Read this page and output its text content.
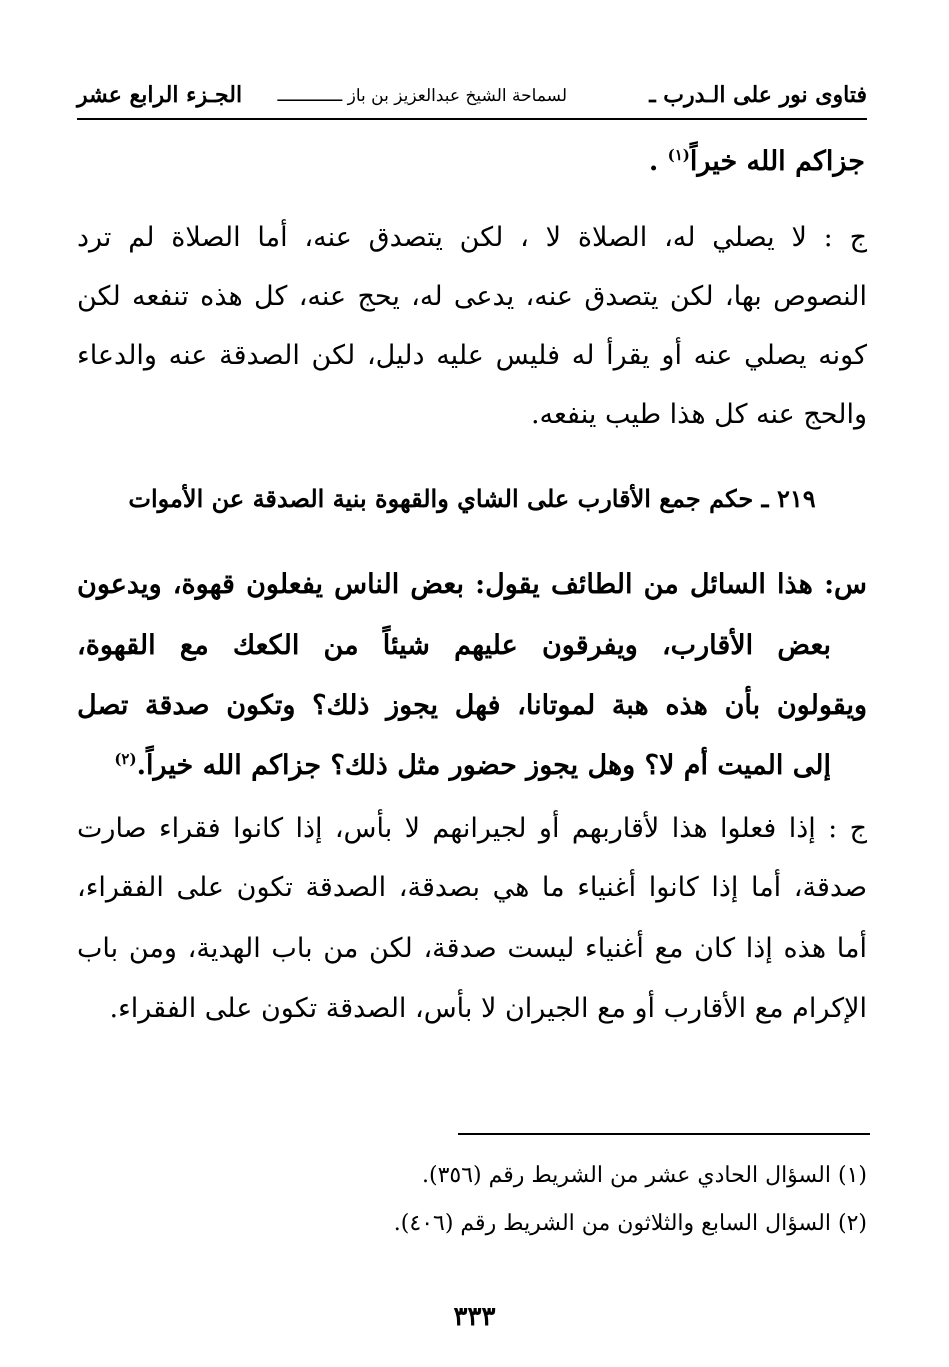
فتاوى نور على الـدرب ـ
لسماحة الشيخ عبدالعزيز بن باز ـــــــــــــ
الجـزء الرابع عشر
جزاكم الله خيراً$^{(١)}$ .
ج : لا يصلي له، الصلاة لا ، لكن يتصدق عنه، أما الصلاة لم ترد
النصوص بها، لكن يتصدق عنه، يدعى له، يحج عنه، كل هذه تنفعه لكن
كونه يصلي عنه أو يقرأ له فليس عليه دليل، لكن الصدقة عنه والدعاء
والحج عنه كل هذا طيب ينفعه.
٢١٩ ـ حكم جمع الأقارب على الشاي والقهوة بنية الصدقة عن الأموات
س: هذا السائل من الطائف يقول: بعض الناس يفعلون قهوة، ويدعون
بعض الأقارب، ويفرقون عليهم شيئاً من الكعك مع القهوة،
ويقولون بأن هذه هبة لموتانا، فهل يجوز ذلك؟ وتكون صدقة تصل
إلى الميت أم لا؟ وهل يجوز حضور مثل ذلك؟ جزاكم الله خيراً.$^{(٢)}$
ج : إذا فعلوا هذا لأقاربهم أو لجيرانهم لا بأس، إذا كانوا فقراء صارت
صدقة، أما إذا كانوا أغنياء ما هي بصدقة، الصدقة تكون على الفقراء،
أما هذه إذا كان مع أغنياء ليست صدقة، لكن من باب الهدية، ومن باب
الإكرام مع الأقارب أو مع الجيران لا بأس، الصدقة تكون على الفقراء.
(١) السؤال الحادي عشر من الشريط رقم (٣٥٦).
(٢) السؤال السابع والثلاثون من الشريط رقم (٤٠٦).
٣٣٣
